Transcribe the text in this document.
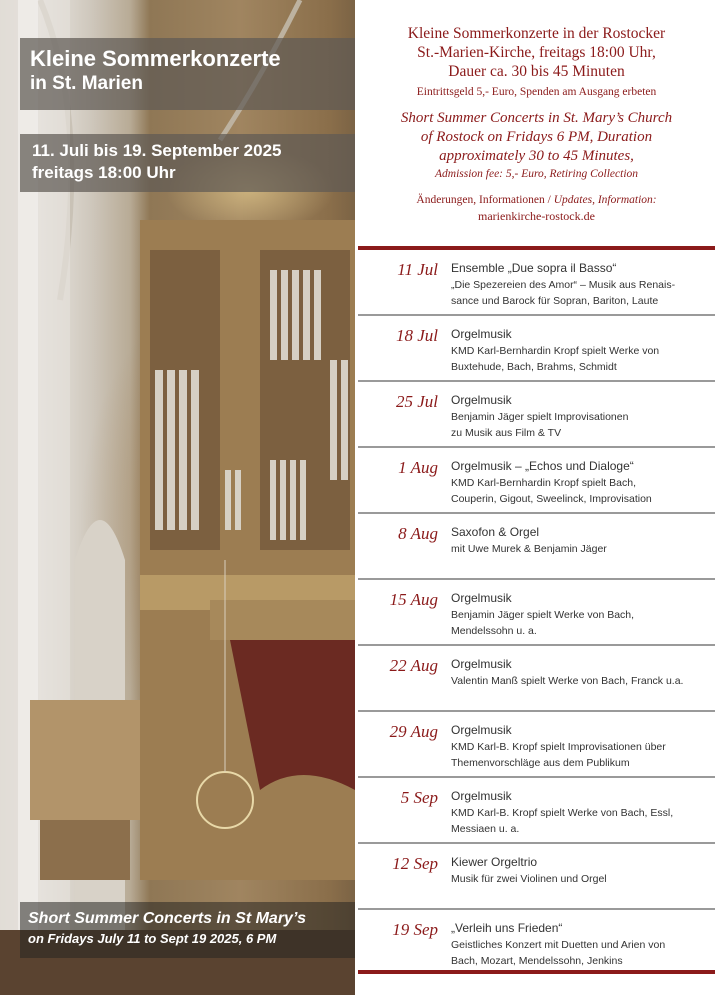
Kleine Sommerkonzerte
in St. Marien
11. Juli bis 19. September 2025
freitags 18:00 Uhr
Short Summer Concerts in St Mary’s
on Fridays July 11 to Sept 19 2025, 6 PM
Kleine Sommerkonzerte in der Rostocker
St.-Marien-Kirche, freitags 18:00 Uhr,
Dauer ca. 30 bis 45 Minuten
Eintrittsgeld 5,- Euro, Spenden am Ausgang erbeten
Short Summer Concerts in St. Mary’s Church
of Rostock on Fridays 6 PM, Duration
approximately 30 to 45 Minutes,
Admission fee: 5,- Euro, Retiring Collection
Änderungen, Informationen / Updates, Information:
marienkirche-rostock.de
11 Jul Ensemble „Due sopra il Basso“
„Die Spezereien des Amor“ – Musik aus Renais-
sance und Barock für Sopran, Bariton, Laute
18 Jul Orgelmusik
KMD Karl-Bernhardin Kropf spielt Werke von
Buxtehude, Bach, Brahms, Schmidt
25 Jul Orgelmusik
Benjamin Jäger spielt Improvisationen
zu Musik aus Film & TV
1 Aug Orgelmusik – „Echos und Dialoge“
KMD Karl-Bernhardin Kropf spielt Bach,
Couperin, Gigout, Sweelinck, Improvisation
8 Aug Saxofon & Orgel
mit Uwe Murek & Benjamin Jäger

15 Aug Orgelmusik
Benjamin Jäger spielt Werke von Bach,
Mendelssohn u. a.
22 Aug Orgelmusik
Valentin Manß spielt Werke von Bach, Franck u.a.

29 Aug Orgelmusik
KMD Karl-B. Kropf spielt Improvisationen über
Themenvorschläge aus dem Publikum
5 Sep Orgelmusik
KMD Karl-B. Kropf spielt Werke von Bach, Essl,
Messiaen u. a.
12 Sep Kiewer Orgeltrio
Musik für zwei Violinen und Orgel

19 Sep „Verleih uns Frieden“
Geistliches Konzert mit Duetten und Arien von
Bach, Mozart, Mendelssohn, Jenkins
